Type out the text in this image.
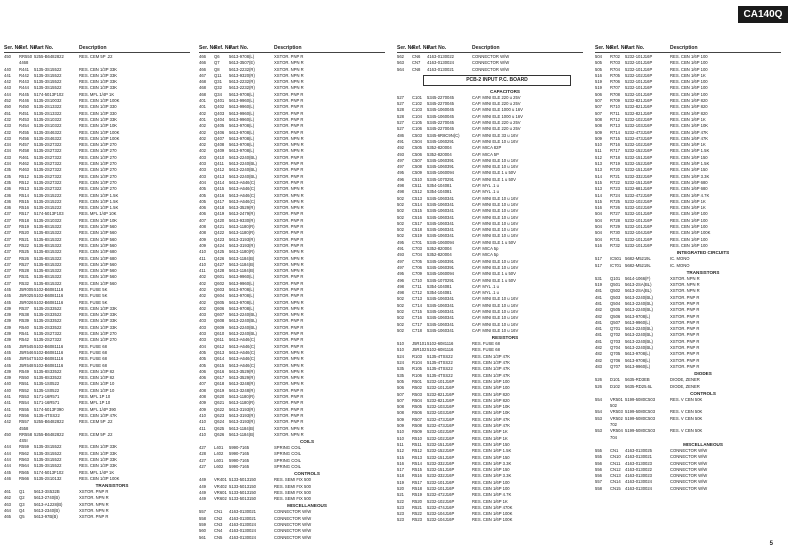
CA140Q
Ser. No.
Ref. No.
Part No.	Description
450	RR550 5255-B6482822	RES. CEM 5P .22
4468
440	R441	5135-3S15522	RES. CBN 1/3P 33K
441	R442	5135-3S15522	RES. CBN 1/3P 33K
442	R443	5135-3S15522	RES. CBN 1/3P 33K
443	R444	5135-3S15522	RES. CBN 1/3P 33K
444	R445	5174-5013F102	RES. MFL 1/4P 1K
452	R446	5135-2S10032	RES. CBN 1/3P 100K
450	R450	5135-2S13322	RES. CBN 1/3P 330
451	R451	5135-2S13322	RES. CBN 1/3P 330
432	R453	5135-2S10322	RES. CBN 1/3P 33K
433	R454	5135-2S10322	RES. CBN 1/3P 10K
432	R455	5135-3S46322	RES. CBN 1/3P 100K
433	R456	5135-2S46322	RES. CBN 1/3P 100K
434	R457	5135-2S27322	RES. CBN 1/3P 270
434	R458	5135-2S27322	RES. CBN 1/3P 270
433	R461	5135-2S27322	RES. CBN 1/3P 270
434	R462	5135-2S27322	RES. CBN 1/3P 270
435	R463	5135-2S27322	RES. CBN 1/3P 270
435	R512	5135-2S27322	RES. CBN 1/3P 270
435	R512	5135-2S27322	RES. CBN 1/3P 270
436	R513	5135-2S27322	RES. CBN 1/3P 270
436	R514	5135-2S15222	RES. CBN 1/3P 1.5K
436	R515	5135-2S15222	RES. CBN 1/3P 1.5K
436	R516	5135-2S15222	RES. CBN 1/3P 1.5K
437	R517	5174-5013F103	RES. MFL 1/4P 10K
437	R518	5135-2S10322	RES. CBN 1/3P 10K
437	R519	5135-8S15322	RES. CBN 1/3P 560
437	R520	5135-8S15322	RES. CBN 1/3P 560
437	R521	5135-8S15322	RES. CBN 1/3P 560
437	R522	5135-8S15322	RES. CBN 1/3P 560
437	R525	5135-8S15322	RES. CBN 1/3P 680
437	R526	5135-8S15322	RES. CBN 1/3P 680
437	R527	5135-8S15322	RES. CBN 1/3P 560
437	R528	5135-8S15322	RES. CBN 1/3P 560
437	R531	5135-8S15322	RES. CBN 1/3P 560
437	R532	5135-8S15322	RES. CBN 1/3P 560
445	J5R005 5102-B6081116	RES. FUSE 5K
445	J5R025 5102-B6081116	RES. FUSE 5K
445	J5R026 5102-B6081116	RES. FUSE 5K
439	R537	5135-2S33522	RES. CBN 1/3P 33K
439	R538	5135-2S33522	RES. CBN 1/3P 33K
439	R539	5135-2S33522	RES. CBN 1/3P 33K
439	R540	5135-2S33522	RES. CBN 1/3P 33K
439	R541	5135-2S27322	RES. CBN 1/3P 270
439	R542	5135-2S27322	RES. CBN 1/3P 270
445	J5R545 5102-B6081116	RES. FUSE 68
445	J5R546 5102-B6081116	RES. FUSE 68
445	J5R547 5102-B6081116	RES. FUSE 68
445	J5R548 5102-B6081116	RES. FUSE 68
439	R549	5135-8S33522	RES. CBN 1/3P 82
439	R550	5135-8S33522	RES. CBN 1/3P 82
440	R551	5135-1S0522	RES. CBN 1/3P 10
440	R552	5135-1S0522	RES. CBN 1/3P 10
441	R553	5171-16R571	RES. MFL 1P 10
441	R554	5171-16R571	RES. MFL 1P 10
441	R555	5174-5013F390	RES. MFL 1/4P 390
442	R556	5135-4TSS22	RES. CBN 1/3P 47K
442	R557	5255-B6482822	RES. CEM 5P .22
4558
450	RR558 5255-B6482822	RES. CEM 5P .22
4S5I
444	R559	5135-3S15522	RES. CBN 1/3P 33K
444	R562	5135-3S15522	RES. CBN 1/3P 33K
444	R563	5135-3S15522	RES. CBN 1/3P 33K
444	R564	5135-3S15522	RES. CBN 1/3P 33K
445	R565	5174-5013F102	RES. MFL 1/4P 1K
446	R566	5135-2S10132	RES. CBN 1/3P 100K
TRANSISTORS
461	Q1	5613-3S532B	XSTOR. PNP R
462	Q2	5613-2740(B)	XSTOR. NPN R
463	Q3	5613-A1228(B)	XSTOR. NPN R
464	Q4	5613-2340(B)	XSTOR. NPN R
465	Q5	5613-97B(B)	XSTOR. PNP R
Ser. No.
Ref. No.
Part No.	Description
466	Q6	5613-9708(L)	XSTOR. PNP R
466	Q7	5613-3507(E)	XSTOR. NPN R
466	Q8	5613-2232(R)	XSTOR. NPN R
467	Q11	5613-9320(R)	XSTOR. NPN R
468	Q31	5613-2232(R)	XSTOR. NPN R
468	Q32	5613-2232(R)	XSTOR. NPN R
468	Q34	5613-9708(L)	XSTOR. PNP R
401	Q401	5613-9960(L)	XSTOR. PNP R
401	Q402	5613-9960(L)	XSTOR. PNP R
402	Q403	5613-9960(L)	XSTOR. PNP R
401	Q404	5613-9960(L)	XSTOR. PNP R
402	Q405	5613-9708(L)	XSTOR. PNP R
402	Q406	5613-9708(L)	XSTOR. PNP R
402	Q407	5613-9708(L)	XSTOR. NPN R
402	Q408	5613-9708(L)	XSTOR. NPN R
402	Q409	5613-9708(L)	XSTOR. NPN R
403	Q410	5613-2240(BL)	XSTOR. PNP R
403	Q411	5613-2240(BL)	XSTOR. PNP R
403	Q412	5613-2240(BL)	XSTOR. PNP R
403	Q413	5613-2240(BL)	XSTOR. PNP R
404	Q414	5613-A646(C)	XSTOR. PNP R
405	Q415	5613-A646(C)	XSTOR. NPN R
405	Q416	5613-A646(C)	XSTOR. NPN R
405	Q417	5613-A646(C)	XSTOR. NPN R
406	Q418	5613-3529(R)	XSTOR. NPN R
406	Q419	5613-2479(R)	XSTOR. PNP R
407	Q420	5613-9330(R)	XSTOR. PNP R
408	Q421	5613-1180(R)	XSTOR. PNP R
408	Q422	5613-1180(R)	XSTOR. PNP R
409	Q423	5613-3193(R)	XSTOR. PNP R
409	Q424	5613-3193(R)	XSTOR. PNP R
410	Q425	5613-1180(R)	XSTOR. NPN R
411	Q426	5613-1184(B)	XSTOR. NPN R
410	Q427	5613-1184(B)	XSTOR. NPN R
411	Q428	5613-1184(B)	XSTOR. NPN R
402	Q601	5613-9960(L)	XSTOR. PNP R
402	Q602	5613-9960(L)	XSTOR. PNP R
402	Q603	5613-9708(L)	XSTOR. PNP R
402	Q604	5613-9708(L)	XSTOR. PNP R
402	Q605	5613-9708(L)	XSTOR. NPN R
402	Q606	5613-9708(L)	XSTOR. NPN R
403	Q607	5613-2240(BL)	XSTOR. NPN R
403	Q608	5613-2240(BL)	XSTOR. PNP R
403	Q609	5613-2240(BL)	XSTOR. PNP R
403	Q610	5613-2240(BL)	XSTOR. PNP R
403	Q611	5613-A646(C)	XSTOR. PNP R
404	Q612	5613-A646(C)	XSTOR. PNP R
405	Q613	5613-A646(C)	XSTOR. NPN R
405	Q614	5613-A646(C)	XSTOR. NPN R
405	Q615	5613-A646(C)	XSTOR. NPN R
406	Q616	5613-3529(R)	XSTOR. NPN R
406	Q617	5613-3529(R)	XSTOR. NPN R
407	Q618	5613-3248(R)	XSTOR. NPN R
408	Q619	5613-3248(R)	XSTOR. PNP R
408	Q620	5613-1180(R)	XSTOR. PNP R
409	Q621	5613-1180(R)	XSTOR. PNP R
409	Q622	5613-3193(R)	XSTOR. PNP R
410	Q623	5613-3193(R)	XSTOR. PNP R
410	Q624	5613-3193(R)	XSTOR. PNP R
411	Q625	5613-1184(B)	XSTOR. NPN R
410	Q626	5613-1184(B)	XSTOR. NPN R
COILS
427	L401	5990-7165	SPRING COIL
428	L402	5990-7165	SPRING COIL
427	L601	5990-7165	SPRING COIL
427	L602	5990-7165	SPRING COIL
CONTROLS
449	VR401 5133-5013150	RES. SEMI FIX 500
449	VR402 5133-5013150	RES. SEMI FIX 500
449	VR601 5133-5013150	RES. SEMI FIX 500
449	VR602 5133-5013150	RES. SEMI FIX 500
MISCELLANEOUS
557	CN1	4163-0130021	CONNECTOR W/W
558	CN2	4163-0130021	CONNECTOR W/W
559	CN3	4163-0130024	CONNECTOR W/W
560	CN4	4163-0130024	CONNECTOR W/W
561	CN5	4163-0130024	CONNECTOR W/W
Ser. No.
Ref. No.
Part No.	Description
562	CN6	4163-0130022	CONNECTOR W/W
563	CN7	4163-0130024	CONNECTOR W/W
564	CN8	4163-0130021	CONNECTOR W/W
PCB-2 INPUT P.C. BOARD
CAPACITORS
527	C101	5345-2270045	CAP. MINI ELE 220 u 25V
527	C102	5345-2270045	CAP. MINI ELE 220 u 25V
528	C103	5345-1060045	CAP. MINI ELE 1000 u 16V
528	C104	5345-1060045	CAP. MINI ELE 1000 u 16V
527	C105	5345-2270045	CAP. MINI ELE 220 u 25V
527	C106	5345-2270045	CAP. MINI ELE 220 u 25V
486	C503	5345-6R8C9N(C)	CAP. MINI ELE 33 u 16V
491	C504	5345-1060291	CAP. MINI ELE 10 u 16V
492	C505	5352-820004	CAP. MICA 82P
493	C506	5352-820004	CAP. MICA 5P
497	C507	5345-1060391	CAP. MINI ELE 10 u 16V
497	C508	5345-1060391	CAP. MINI ELE 10 u 16V
495	C509	5345-1060094	CAP. MINI ELE 1 u 50V
496	C510	5345-1070291	CAP. MINI ELE 1 u 50V
498	C511	5354-104081	CAP. MYL .1 u
498	C512	5354-104081	CAP. MYL .1 u
502	C513	5345-1060341	CAP. MINI ELE 10 u 16V
502	C514	5345-1060341	CAP. MINI ELE 10 u 16V
502	C515	5345-1060341	CAP. MINI ELE 10 u 16V
502	C516	5345-1060341	CAP. MINI ELE 10 u 16V
502	C517	5345-1060341	CAP. MINI ELE 10 u 16V
502	C518	5345-1060341	CAP. MINI ELE 10 u 16V
502	C519	5345-1060341	CAP. MINI ELE 10 u 16V
495	C701	5345-1060094	CAP. MINI ELE 1 u 50V
491	C703	5352-820004	CAP. MICA 5p
493	C704	5352-820004	CAP. MICA 5p
497	C705	5345-1060391	CAP. MINI ELE 10 u 16V
497	C706	5345-1060391	CAP. MINI ELE 10 u 16V
495	C709	5345-1060094	CAP. MINI ELE 1 u 50V
496	C710	5345-1070291	CAP. MINI ELE 1 u 50V
498	C711	5354-104081	CAP. MYL .1 u
498	C712	5354-104081	CAP. MYL .1 u
502	C713	5345-1060341	CAP. MINI ELE 10 u 16V
502	C714	5345-1060341	CAP. MINI ELE 10 u 16V
502	C715	5345-1060341	CAP. MINI ELE 10 u 16V
502	C716	5345-1060341	CAP. MINI ELE 10 u 16V
502	C717	5345-1060341	CAP. MINI ELE 10 u 16V
502	C718	5345-1060341	CAP. MINI ELE 10 u 16V
RESISTORS
510	J5R101 5102-6081116	RES. FUSE 68
510	J5R102 5102-6081116	RES. FUSE 68
524	R103	5135-4TSS22	RES. CBN 1/3P 47K
524	R104	5135-4TSS22	RES. CBN 1/3P 47K
535	R105	5135-4TSS22	RES. CBN 1/3P 47K
535	R106	5135-4TSS22	RES. CBN 1/3P 47K
505	R501	5232-101J16P	RES. CBN 1/6P 100
506	R502	5232-101J16P	RES. CBN 1/6P 100
507	R503	5232-821J16P	RES. CBN 1/6P 820
507	R504	5232-821J16P	RES. CBN 1/6P 820
508	R505	5232-103J16P	RES. CBN 1/6P 10K
508	R506	5232-103J16P	RES. CBN 1/6P 10K
509	R507	5232-473J16P	RES. CBN 1/6P 47K
509	R508	5232-473J16P	RES. CBN 1/6P 47K
510	R509	5232-102J16P	RES. CBN 1/6P 1K
510	R510	5232-102J16P	RES. CBN 1/6P 1K
511	R511	5232-151J16P	RES. CBN 1/6P 150
512	R512	5232-152J16P	RES. CBN 1/6P 1.5K
515	R513	5232-151J16P	RES. CBN 1/6P 150
516	R514	5232-332J16P	RES. CBN 1/6P 3.3K
517	R515	5232-151J16P	RES. CBN 1/6P 150
518	R516	5232-332J16P	RES. CBN 1/6P 3.3K
519	R517	5232-101J16P	RES. CBN 1/6P 100
520	R518	5232-101J16P	RES. CBN 1/6P 100
521	R519	5232-472J16P	RES. CBN 1/6P 4.7K
522	R520	5232-102J16P	RES. CBN 1/6P 1K
523	R521	5232-474J16P	RES. CBN 1/6P 470K
523	R522	5232-104J16P	RES. CBN 1/6P 100K
523	R523	5232-104J16P	RES. CBN 1/6P 100K
Ser. No.
Ref. No.
Part No.	Description
504	R702	5232-101J16P	RES. CBN 1/6P 100
505	R703	5232-101J16P	RES. CBN 1/6P 100
505	R704	5232-101J16P	RES. CBN 1/6P 100
516	R705	5232-102J16P	RES. CBN 1/6P 1K
519	R706	5232-101J16P	RES. CBN 1/6P 100
519	R707	5232-101J16P	RES. CBN 1/6P 100
506	R708	5232-101J16P	RES. CBN 1/6P 100
507	R709	5232-821J16P	RES. CBN 1/6P 820
507	R710	5232-821J16P	RES. CBN 1/6P 820
507	R711	5232-821J16P	RES. CBN 1/6P 820
508	R712	5232-102J16P	RES. CBN 1/6P 1K
508	R713	5232-103J16P	RES. CBN 1/6P 10K
509	R714	5232-473J16P	RES. CBN 1/6P 47K
509	R715	5232-473J16P	RES. CBN 1/6P 47K
510	R716	5232-102J16P	RES. CBN 1/6P 1K
511	R717	5232-152J16P	RES. CBN 1/6P 1.5K
512	R718	5232-151J16P	RES. CBN 1/6P 150
513	R719	5232-152J16P	RES. CBN 1/6P 1.5K
513	R720	5232-151J16P	RES. CBN 1/6P 150
514	R721	5232-332J16P	RES. CBN 1/6P 3.3K
515	R722	5232-151J16P	RES. CBN 1/6P 680
513	R723	5232-681J16P	RES. CBN 1/6P 680
514	R724	5232-472J16P	RES. CBN 1/6P 4.7K
515	R725	5232-102J16P	RES. CBN 1/6P 1K
516	R726	5232-102J16P	RES. CBN 1/6P 1K
504	R727	5232-101J16P	RES. CBN 1/6P 100
504	R728	5232-101J16P	RES. CBN 1/6P 100
504	R729	5232-101J16P	RES. CBN 1/6P 100
504	R730	5232-104J16P	RES. CBN 1/6P 100K
504	R731	5232-101J16P	RES. CBN 1/6P 100
516	R732	5232-101J16P	RES. CBN 1/6P 100
INTEGRATED CIRCUITS
517	IC501 5682-M5219L	IC. MONO
517	IC701 5682-M5219L	IC. MONO
TRANSISTORS
531	Q101	5614-1066(F)	XSTOR. NPN R
519	Q501	5613-2SA(BL)	XSTOR. NPN R
481	Q502	5613-2SA(BL)	XSTOR. NPN R
481	Q503	5613-2240(BL)	XSTOR. PNP R
481	Q504	5613-2240(BL)	XSTOR. PNP R
482	Q505	5613-2240(BL)	XSTOR. PNP R
482	Q506	5613-9708(L)	XSTOR. PNP R
481	Q507	5613-9960(L)	XSTOR. PNP R
481	Q701	5613-2240(BL)	XSTOR. PNP R
481	Q702	5613-2240(BL)	XSTOR. PNP R
481	Q703	5613-2240(BL)	XSTOR. PNP R
482	Q704	5613-2240(BL)	XSTOR. PNP R
482	Q705	5613-9708(L)	XSTOR. PNP R
482	Q706	5613-9708(L)	XSTOR. PNP R
483	Q707	5613-9960(L)	XSTOR. PNP R
DIODES
526	D101	5635-RD3EB	DIODE, ZENER
526	D102	5635-RD25.6L	DIODE, ZENER
CONTROLS
554	VR501 5199-5080C503	RES. V CBN 50K
502
554	VR503 5199-5080C503	RES. V CBN 50K
553	VR502 5199-5080C503	RES. V CBN 50K
702
553	VR504 5199-5080C503	RES. V CBN 50K
704
MISCELLANEOUS
555	CN1	4163-0130025	CONNECTOR W/W
555	CN10	4163-0130021	CONNECTOR W/W
556	CN11	4163-0130023	CONNECTOR W/W
556	CN12	4163-0130022	CONNECTOR W/W
556	CN13	4163-0130023	CONNECTOR W/W
557	CN14	4163-0130024	CONNECTOR W/W
558	CN15	4163-0130024	CONNECTOR W/W
5
